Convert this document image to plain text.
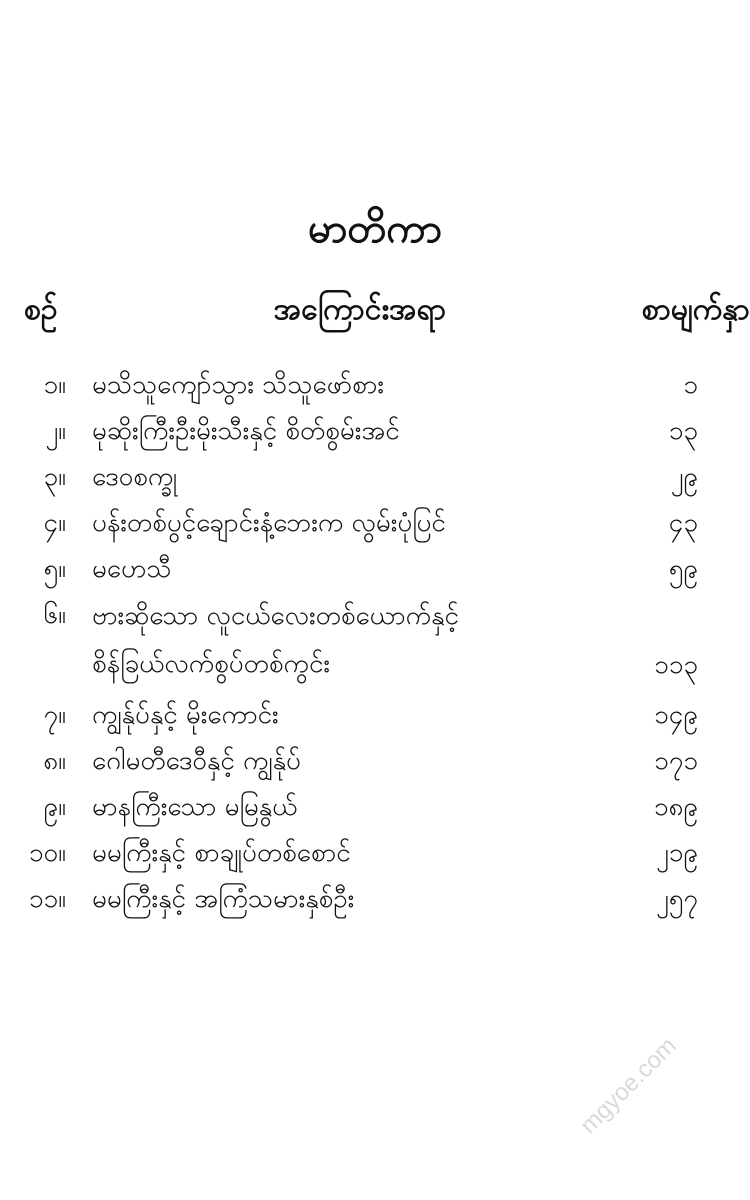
မာတိကာ
စဉ်	အကြောင်းအရာ	စာမျက်နှာ
၁။ မသိသူကျော်သွား သိသူဖော်စား	၁
၂။ မုဆိုးကြီးဦးမိုးသီးနှင့် စိတ်စွမ်းအင်	၁၃
၃။ ဒေဝစက္ခု	၂၉
၄။ ပန်းတစ်ပွင့်ချောင်းနံ့ဘေးက လွမ်းပုံပြင်	၄၃
၅။ မဟေသီ	၅၉
၆။ ဗားဆိုသော လူငယ်လေးတစ်ယောက်နှင့်
စိန်ခြယ်လက်စွပ်တစ်ကွင်း	၁၁၃
၇။ ကျွန်ုပ်နှင့် မိုးကောင်း	၁၄၉
၈။ ဂေါမတီဒေဝီနှင့် ကျွန်ုပ်	၁၇၁
၉။ မာနကြီးသော မမြနွယ်	၁၈၉
၁၀။ မမကြီးနှင့် စာချုပ်တစ်စောင်	၂၁၉
၁၁။ မမကြီးနှင့် အကြံသမားနှစ်ဦး	၂၅၇
mgyoe.com
